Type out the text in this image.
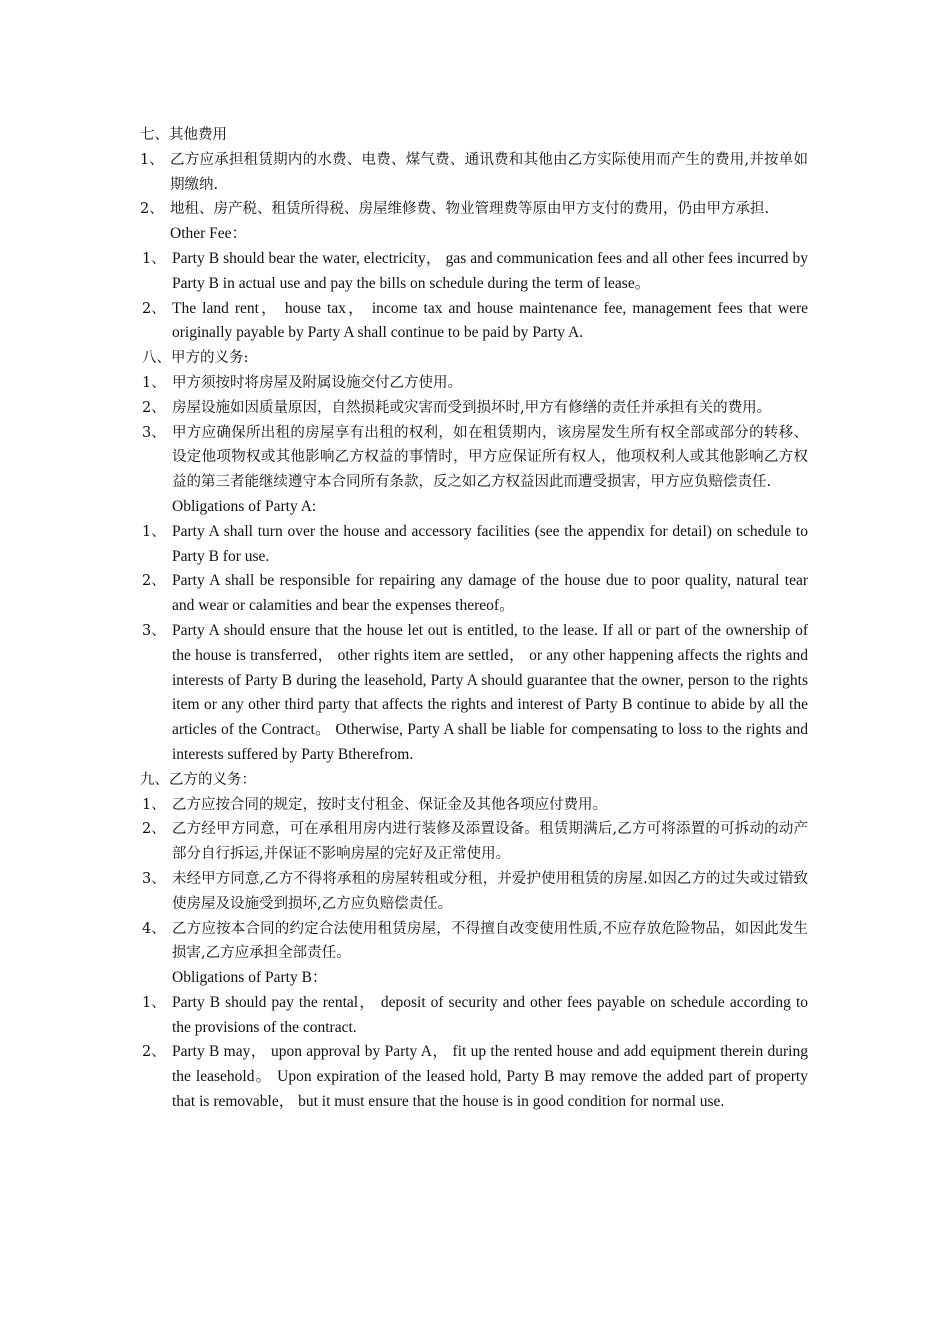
七、其他费用

1、 乙方应承担租赁期内的水费、电费、煤气费、通讯费和其他由乙方实际使用而产生的费用,并按单如期缴纳.
2、 地租、房产税、租赁所得税、房屋维修费、物业管理费等原由甲方支付的费用，仍由甲方承担.

Other Fee：

1、 Party B should bear the water, electricity， gas and communication fees and all other fees incurred by Party B in actual use and pay the bills on schedule during the term of lease。
2、 The land rent， house tax， income tax and house maintenance fee, management fees that were originally payable by Party A shall continue to be paid by Party A.

八、甲方的义务:

1、 甲方须按时将房屋及附属设施交付乙方使用。
2、 房屋设施如因质量原因，自然损耗或灾害而受到损坏时,甲方有修缮的责任并承担有关的费用。
3、 甲方应确保所出租的房屋享有出租的权利，如在租赁期内，该房屋发生所有权全部或部分的转移、设定他项物权或其他影响乙方权益的事情时，甲方应保证所有权人，他项权利人或其他影响乙方权益的第三者能继续遵守本合同所有条款，反之如乙方权益因此而遭受损害，甲方应负赔偿责任.

Obligations of Party A:

1、 Party A shall turn over the house and accessory facilities (see the appendix for detail) on schedule to Party B for use.
2、 Party A shall be responsible for repairing any damage of the house due to poor quality, natural tear and wear or calamities and bear the expenses thereof。
3、 Party A should ensure that the house let out is entitled, to the lease. If all or part of the ownership of the house is transferred， other rights item are settled， or any other happening affects the rights and interests of Party B during the leasehold, Party A should guarantee that the owner, person to the rights item or any other third party that affects the rights and interest of Party B continue to abide by all the articles of the Contract。 Otherwise, Party A shall be liable for compensating to loss to the rights and interests suffered by Party Btherefrom.

九、乙方的义务：

1、 乙方应按合同的规定，按时支付租金、保证金及其他各项应付费用。
2、 乙方经甲方同意，可在承租用房内进行装修及添置设备。租赁期满后,乙方可将添置的可拆动的动产部分自行拆运,并保证不影响房屋的完好及正常使用。
3、 未经甲方同意,乙方不得将承租的房屋转租或分租，并爱护使用租赁的房屋.如因乙方的过失或过错致使房屋及设施受到损坏,乙方应负赔偿责任。
4、 乙方应按本合同的约定合法使用租赁房屋，不得擅自改变使用性质,不应存放危险物品，如因此发生损害,乙方应承担全部责任。

Obligations of Party B：

1、 Party B should pay the rental， deposit of security and other fees payable on schedule according to the provisions of the contract.
2、 Party B may， upon approval by Party A， fit up the rented house and add equipment therein during the leasehold。 Upon expiration of the leased hold, Party B may remove the added part of property that is removable， but it must ensure that the house is in good condition for normal use.
